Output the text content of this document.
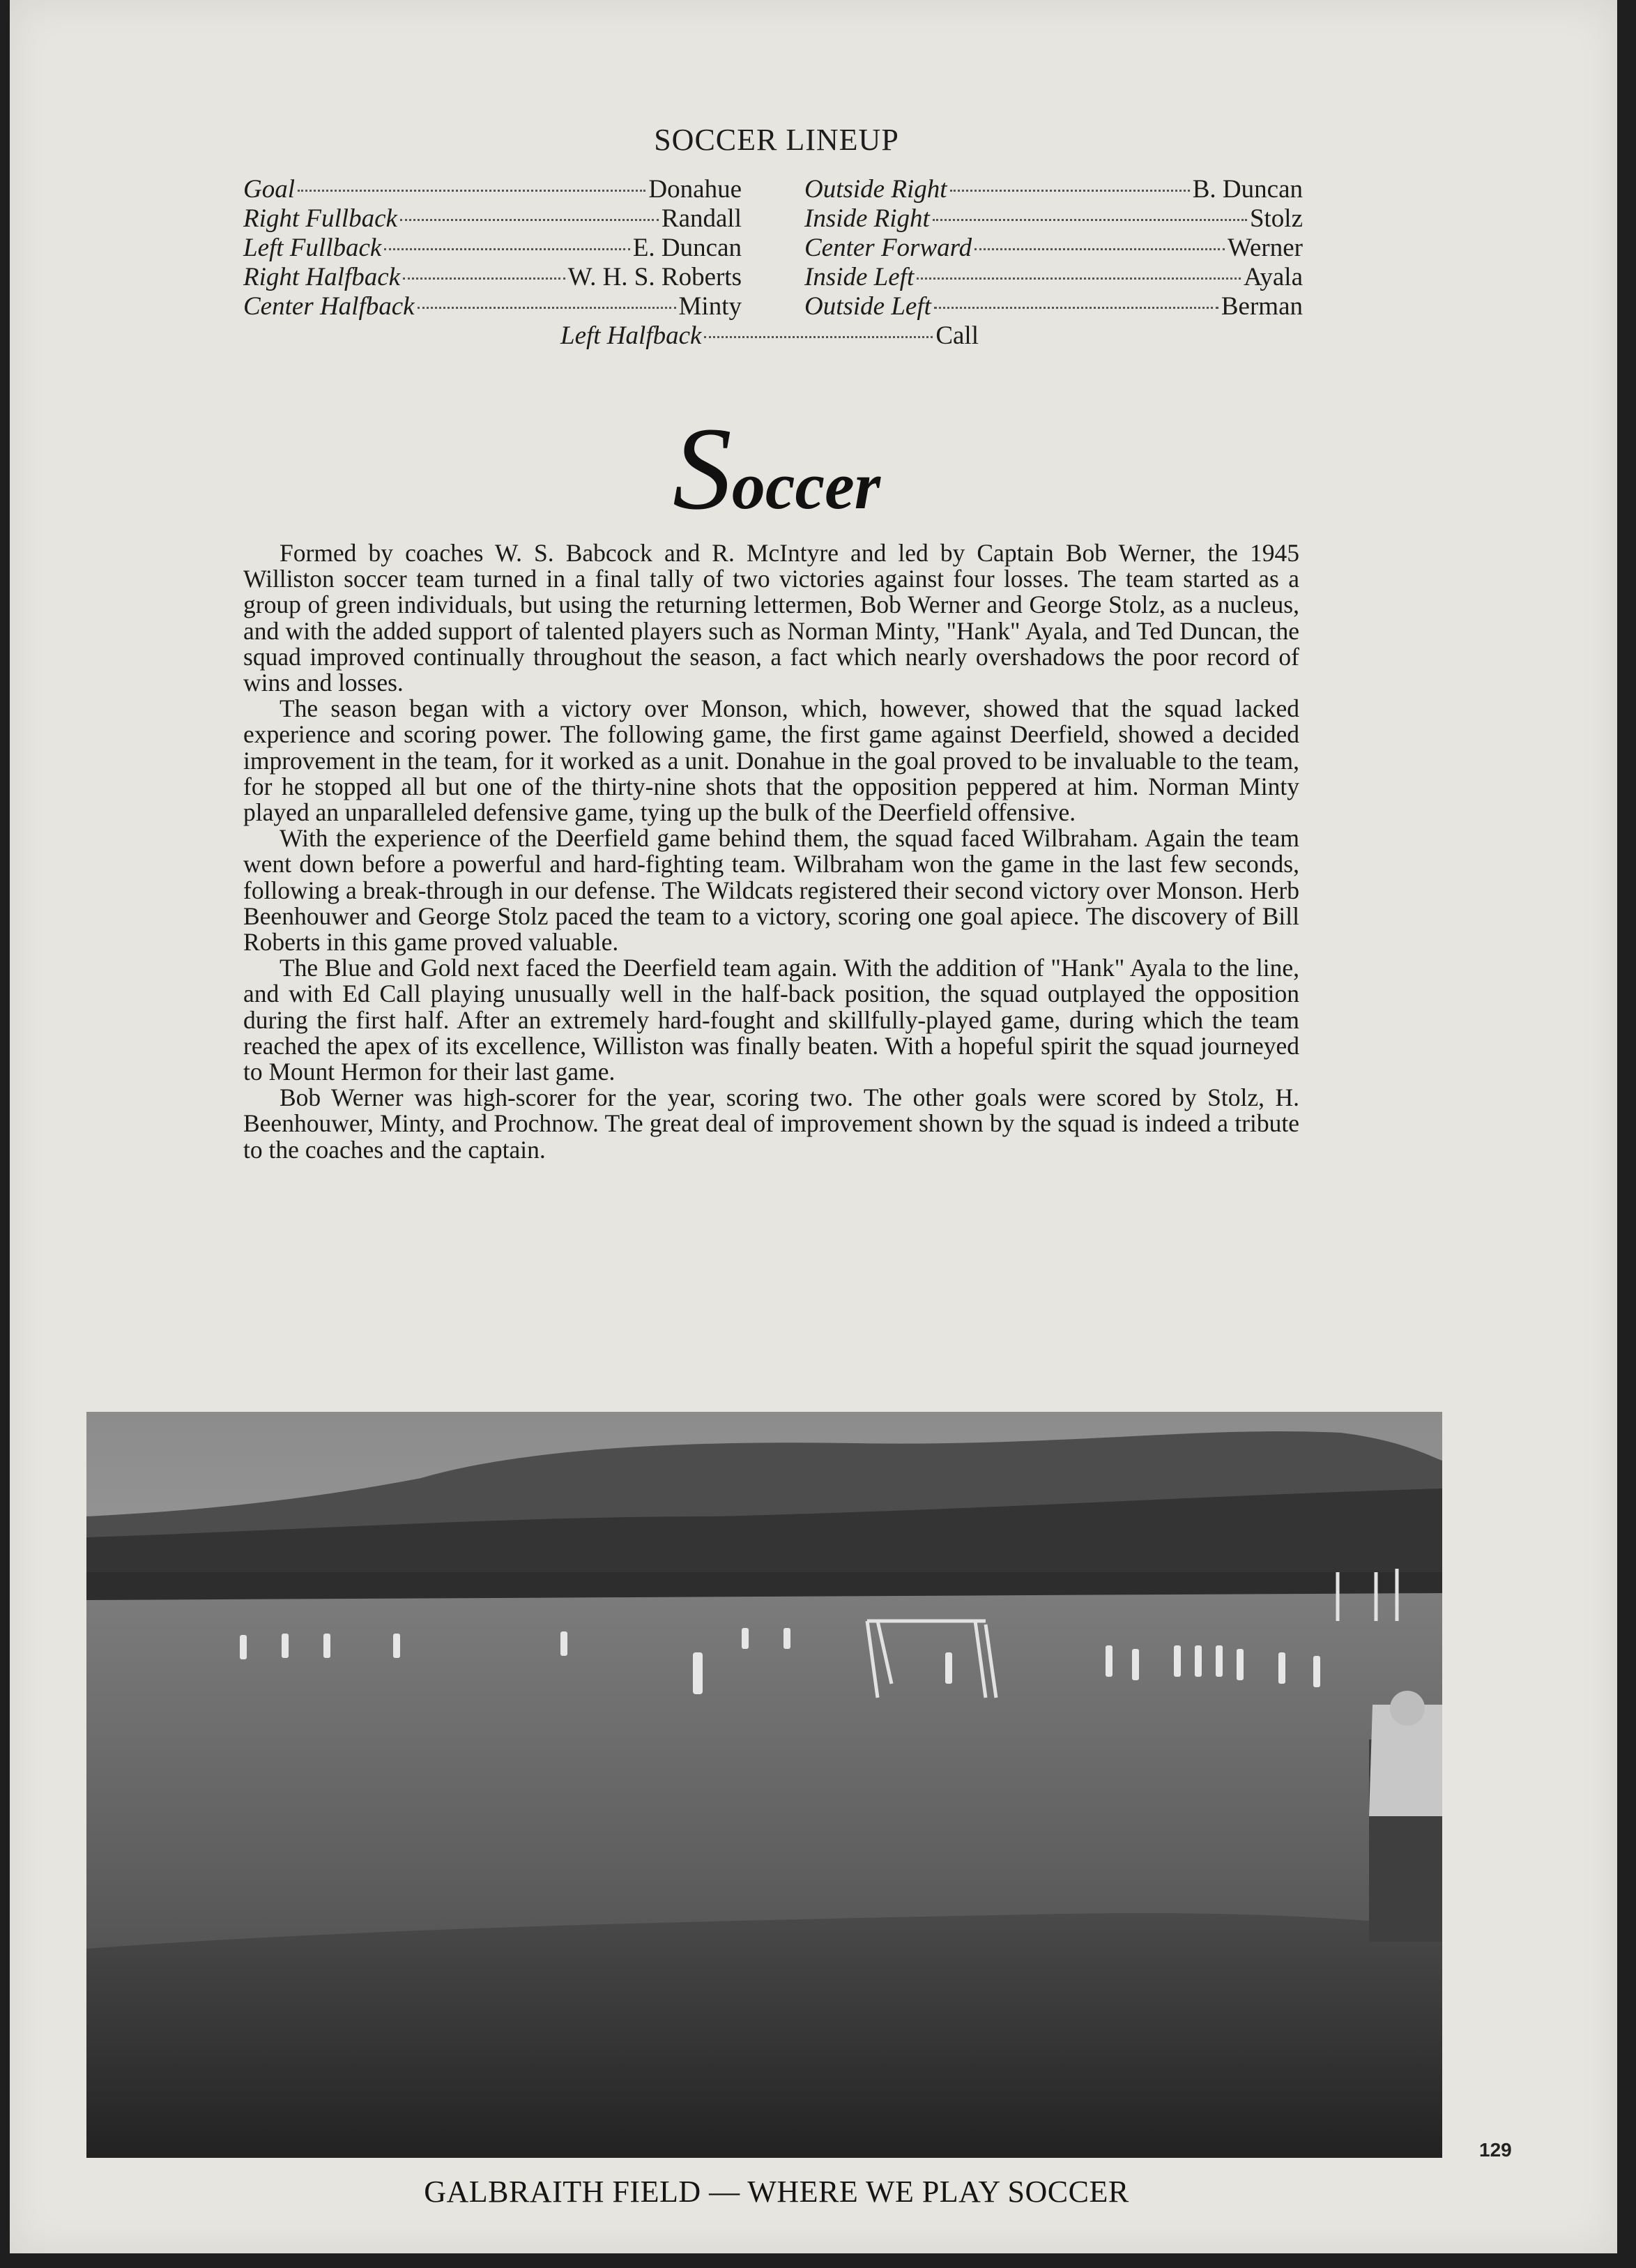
SOCCER LINEUP
Goal	Donahue
Right Fullback	Randall
Left Fullback	E. Duncan
Right Halfback	W. H. S. Roberts
Center Halfback	Minty
Outside Right	B. Duncan
Inside Right	Stolz
Center Forward	Werner
Inside Left	Ayala
Outside Left	Berman
Left Halfback	Call
Soccer

Formed by coaches W. S. Babcock and R. McIntyre and led by Captain Bob Werner, the 1945 Williston soccer team turned in a final tally of two victories against four losses. The team started as a group of green individuals, but using the returning lettermen, Bob Werner and George Stolz, as a nucleus, and with the added support of talented players such as Norman Minty, "Hank" Ayala, and Ted Duncan, the squad improved continually throughout the season, a fact which nearly overshadows the poor record of wins and losses.

The season began with a victory over Monson, which, however, showed that the squad lacked experience and scoring power. The following game, the first game against Deerfield, showed a decided improvement in the team, for it worked as a unit. Donahue in the goal proved to be invaluable to the team, for he stopped all but one of the thirty-nine shots that the opposition peppered at him. Norman Minty played an unparalleled defensive game, tying up the bulk of the Deerfield offensive.

With the experience of the Deerfield game behind them, the squad faced Wilbraham. Again the team went down before a powerful and hard-fighting team. Wilbraham won the game in the last few seconds, following a break-through in our defense. The Wildcats registered their second victory over Monson. Herb Beenhouwer and George Stolz paced the team to a victory, scoring one goal apiece. The discovery of Bill Roberts in this game proved valuable.

The Blue and Gold next faced the Deerfield team again. With the addition of "Hank" Ayala to the line, and with Ed Call playing unusually well in the half-back position, the squad outplayed the opposition during the first half. After an extremely hard-fought and skillfully-played game, during which the team reached the apex of its excellence, Williston was finally beaten. With a hopeful spirit the squad journeyed to Mount Hermon for their last game.

Bob Werner was high-scorer for the year, scoring two. The other goals were scored by Stolz, H. Beenhouwer, Minty, and Prochnow. The great deal of improvement shown by the squad is indeed a tribute to the coaches and the captain.

129
GALBRAITH FIELD — WHERE WE PLAY SOCCER
